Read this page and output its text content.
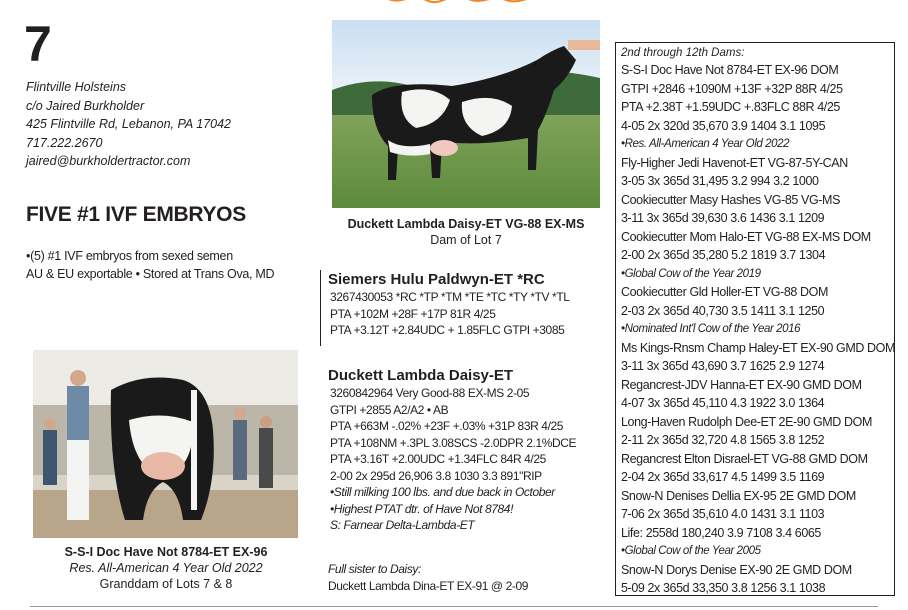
7
Flintville Holsteins
c/o Jaired Burkholder
425 Flintville Rd, Lebanon, PA 17042
717.222.2670
jaired@burkholdertractor.com
FIVE #1 IVF EMBRYOS
•(5) #1 IVF embryos from sexed semen
AU & EU exportable • Stored at Trans Ova, MD
Duckett Lambda Daisy-ET VG-88 EX-MS
Dam of Lot 7
S-S-I Doc Have Not 8784-ET EX-96
Res. All-American 4 Year Old 2022
Granddam of Lots 7 & 8
Siemers Hulu Paldwyn-ET *RC
3267430053 *RC *TP *TM *TE *TC *TY *TV *TL
PTA +102M +28F +17P 81R 4/25
PTA +3.12T +2.84UDC + 1.85FLC GTPI +3085
Duckett Lambda Daisy-ET
3260842964 Very Good-88 EX-MS 2-05
GTPI +2855 A2/A2 • AB
PTA +663M -.02% +23F +.03% +31P 83R 4/25
PTA +108NM +.3PL 3.08SCS -2.0DPR 2.1%DCE
PTA +3.16T +2.00UDC +1.34FLC 84R 4/25
2-00 2x 295d 26,906 3.8 1030 3.3 891"RIP
•Still milking 100 lbs. and due back in October
•Highest PTAT dtr. of Have Not 8784!
S: Farnear Delta-Lambda-ET
Full sister to Daisy:
Duckett Lambda Dina-ET EX-91 @ 2-09
2nd through 12th Dams:
S-S-I Doc Have Not 8784-ET EX-96 DOM
GTPI +2846 +1090M +13F +32P 88R 4/25
PTA +2.38T +1.59UDC +.83FLC 88R 4/25
4-05 2x 320d 35,670 3.9 1404 3.1 1095
•Res. All-American 4 Year Old 2022
Fly-Higher Jedi Havenot-ET VG-87-5Y-CAN
3-05 3x 365d 31,495 3.2 994 3.2 1000
Cookiecutter Masy Hashes VG-85 VG-MS
3-11 3x 365d 39,630 3.6 1436 3.1 1209
Cookiecutter Mom Halo-ET VG-88 EX-MS DOM
2-00 2x 365d 35,280 5.2 1819 3.7 1304
•Global Cow of the Year 2019
Cookiecutter Gld Holler-ET VG-88 DOM
2-03 2x 365d 40,730 3.5 1411 3.1 1250
•Nominated Int'l Cow of the Year 2016
Ms Kings-Rnsm Champ Haley-ET EX-90 GMD DOM
3-11 3x 365d 43,690 3.7 1625 2.9 1274
Regancrest-JDV Hanna-ET EX-90 GMD DOM
4-07 3x 365d 45,110 4.3 1922 3.0 1364
Long-Haven Rudolph Dee-ET 2E-90 GMD DOM
2-11 2x 365d 32,720 4.8 1565 3.8 1252
Regancrest Elton Disrael-ET VG-88 GMD DOM
2-04 2x 365d 33,617 4.5 1499 3.5 1169
Snow-N Denises Dellia EX-95 2E GMD DOM
7-06 2x 365d 35,610 4.0 1431 3.1 1103
Life: 2558d 180,240 3.9 7108 3.4 6065
•Global Cow of the Year 2005
Snow-N Dorys Denise EX-90 2E GMD DOM
5-09 2x 365d 33,350 3.8 1256 3.1 1038
